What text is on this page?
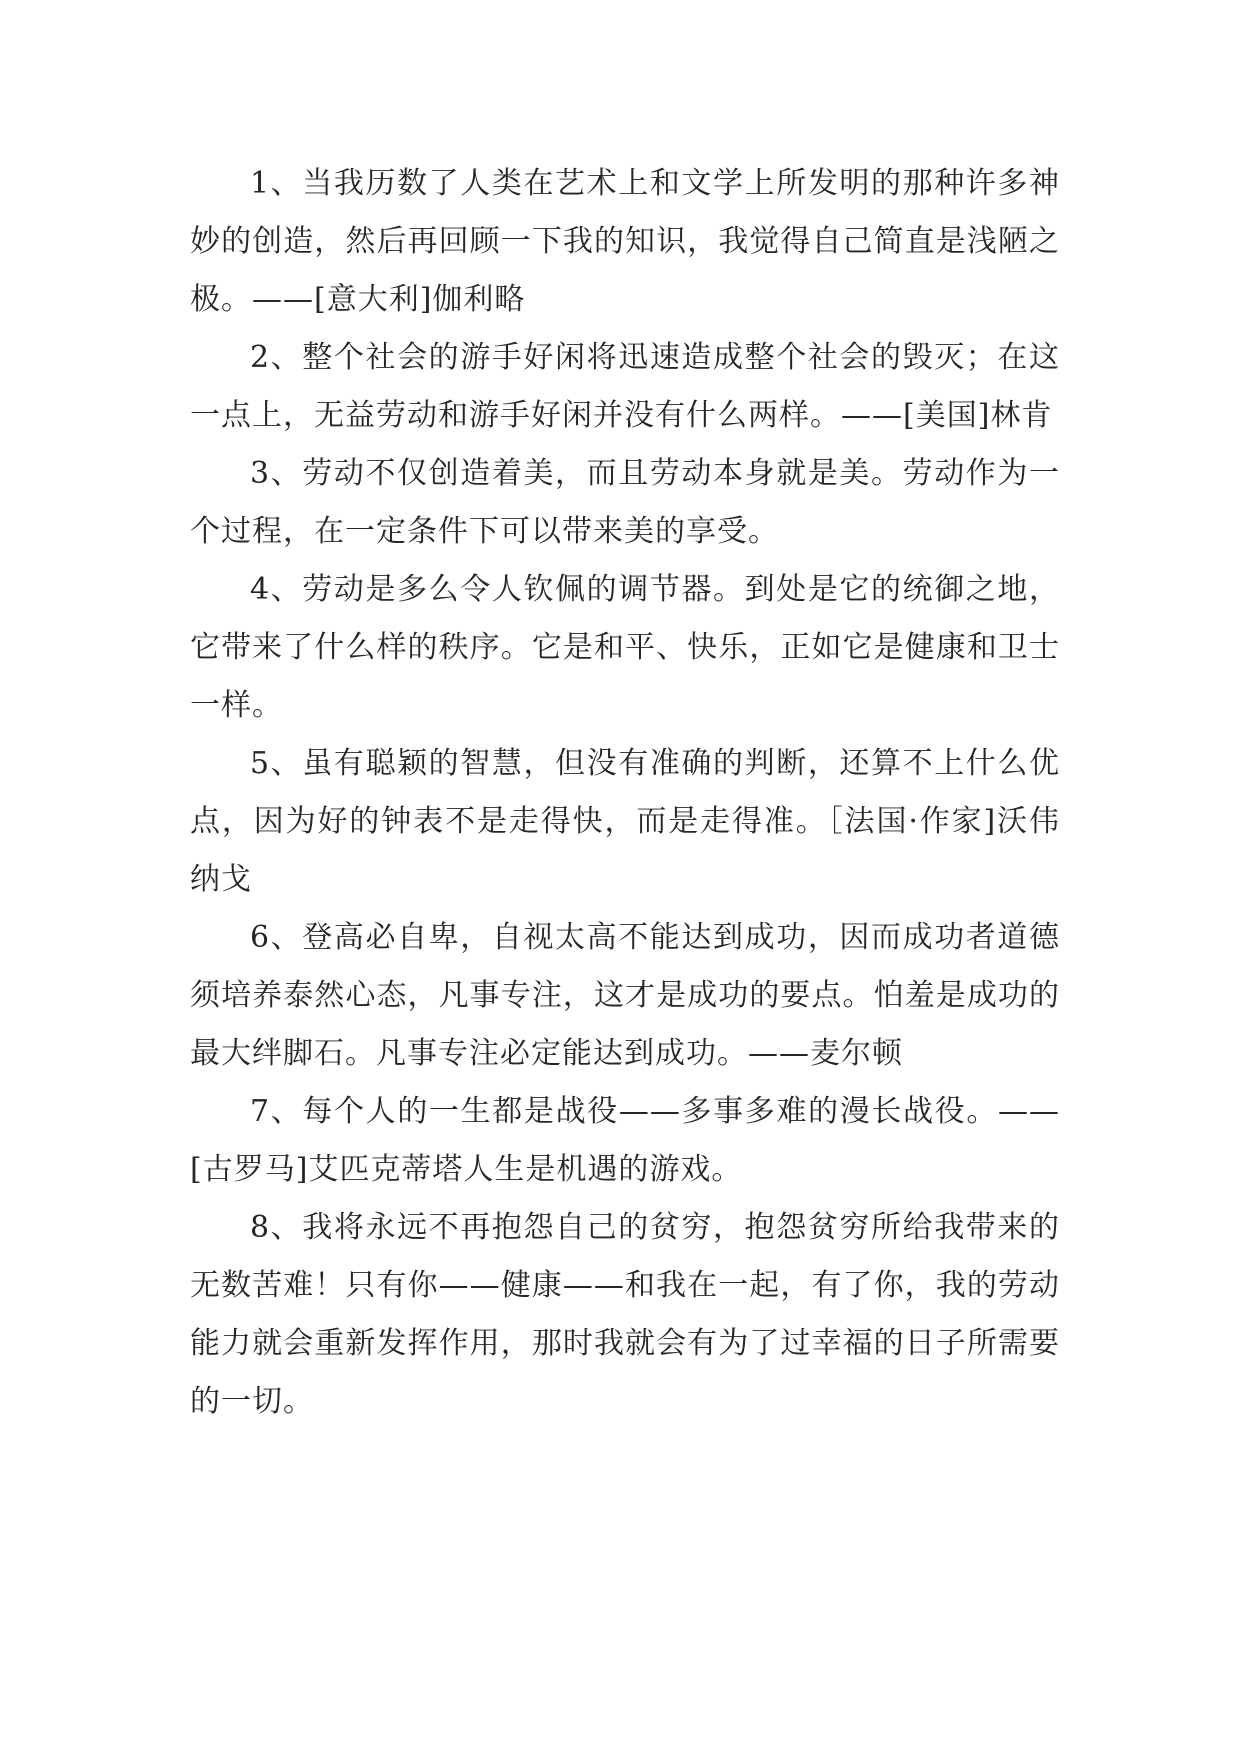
1、当我历数了人类在艺术上和文学上所发明的那种许多神妙的创造，然后再回顾一下我的知识，我觉得自己简直是浅陋之极。——[意大利]伽利略

2、整个社会的游手好闲将迅速造成整个社会的毁灭；在这一点上，无益劳动和游手好闲并没有什么两样。——[美国]林肯

3、劳动不仅创造着美，而且劳动本身就是美。劳动作为一个过程，在一定条件下可以带来美的享受。

4、劳动是多么令人钦佩的调节器。到处是它的统御之地，它带来了什么样的秩序。它是和平、快乐，正如它是健康和卫士一样。

5、虽有聪颖的智慧，但没有准确的判断，还算不上什么优点，因为好的钟表不是走得快，而是走得准。［法国·作家]沃伟纳戈

6、登高必自卑，自视太高不能达到成功，因而成功者道德须培养泰然心态，凡事专注，这才是成功的要点。怕羞是成功的最大绊脚石。凡事专注必定能达到成功。——麦尔顿

7、每个人的一生都是战役——多事多难的漫长战役。——[古罗马]艾匹克蒂塔人生是机遇的游戏。

8、我将永远不再抱怨自己的贫穷，抱怨贫穷所给我带来的无数苦难！只有你——健康——和我在一起，有了你，我的劳动能力就会重新发挥作用，那时我就会有为了过幸福的日子所需要的一切。
